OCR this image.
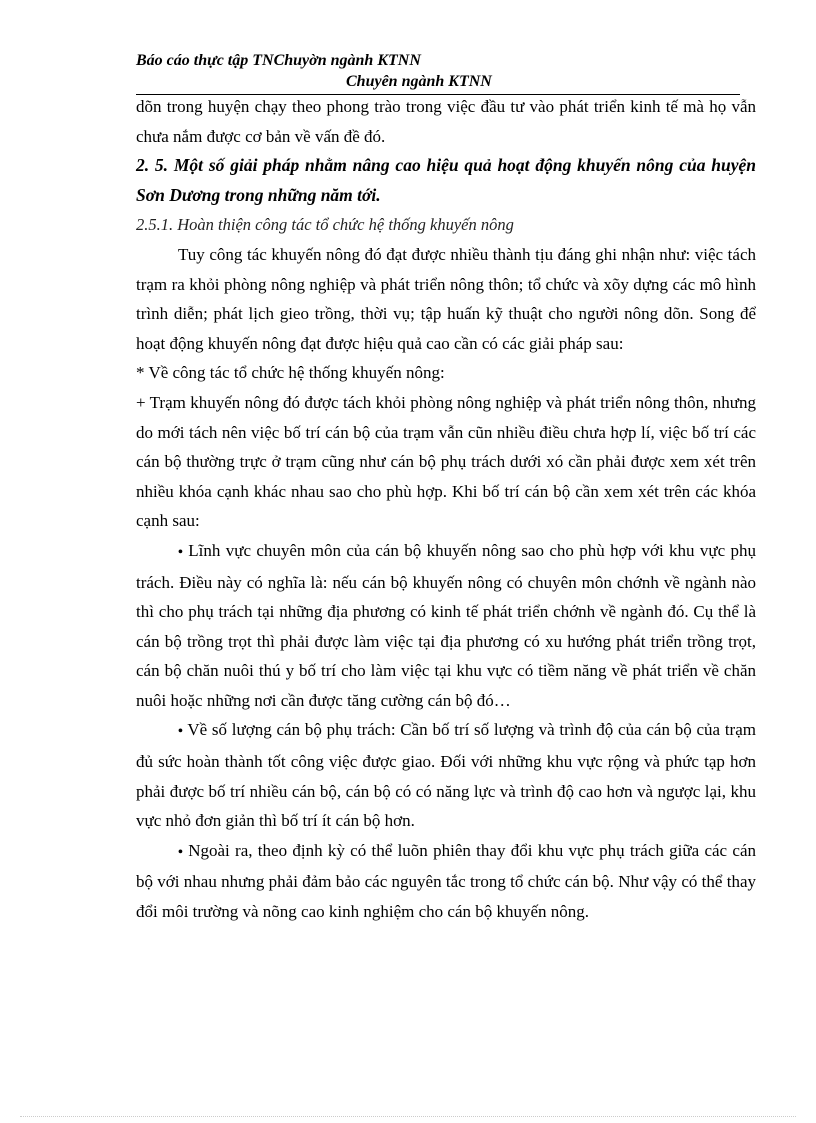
Báo cáo thực tập TNChuyờn ngành KTNN
Chuyên ngành KTNN

dõn trong huyện chạy theo phong trào trong việc đầu tư vào phát triển kinh tế mà họ vẫn chưa nắm được cơ bản về vấn đề đó.

2. 5. Một số giải pháp nhằm nâng cao hiệu quả hoạt động khuyến nông của huyện Sơn Dương trong những năm tới.

2.5.1. Hoàn thiện công tác tổ chức hệ thống khuyến nông

Tuy công tác khuyến nông đó đạt được nhiều thành tịu đáng ghi nhận như: việc tách trạm ra khỏi phòng nông nghiệp và phát triển nông thôn; tổ chức và xõy dựng các mô hình trình diễn; phát lịch gieo trồng, thời vụ; tập huấn kỹ thuật cho người nông dõn. Song để hoạt động khuyến nông đạt được hiệu quả cao cần có các giải pháp sau:

* Về công tác tổ chức hệ thống khuyến nông:

+ Trạm khuyến nông đó được tách khỏi phòng nông nghiệp và phát triển nông thôn, nhưng do mới tách nên việc bố trí cán bộ của trạm vẫn cũn nhiều điều chưa hợp lí, việc bố trí các cán bộ thường trực ở trạm cũng như cán bộ phụ trách dưới xó cần phải được xem xét trên nhiều khóa cạnh khác nhau sao cho phù hợp. Khi bố trí cán bộ cần xem xét trên các khóa cạnh sau:

• Lĩnh vực chuyên môn của cán bộ khuyến nông sao cho phù hợp với khu vực phụ trách. Điều này có nghĩa là: nếu cán bộ khuyến nông có chuyên môn chớnh về ngành nào thì cho phụ trách tại những địa phương có kinh tế phát triển chớnh về ngành đó. Cụ thể là cán bộ trồng trọt thì phải được làm việc tại địa phương có xu hướng phát triển trồng trọt, cán bộ chăn nuôi thú y bố trí cho làm việc tại khu vực có tiềm năng về phát triển về chăn nuôi hoặc những nơi cần được tăng cường cán bộ đó…

• Về số lượng cán bộ phụ trách: Cần bố trí số lượng và trình độ của cán bộ của trạm đủ sức hoàn thành tốt công việc được giao. Đối với những khu vực rộng và phức tạp hơn phải được bố trí nhiều cán bộ, cán bộ có có năng lực và trình độ cao hơn và ngược lại, khu vực nhỏ đơn giản thì bố trí ít cán bộ hơn.

• Ngoài ra, theo định kỳ có thể luõn phiên thay đổi khu vực phụ trách giữa các cán bộ với nhau nhưng phải đảm bảo các nguyên tắc trong tổ chức cán bộ. Như vậy có thể thay đổi môi trường và nõng cao kinh nghiệm cho cán bộ khuyến nông.
